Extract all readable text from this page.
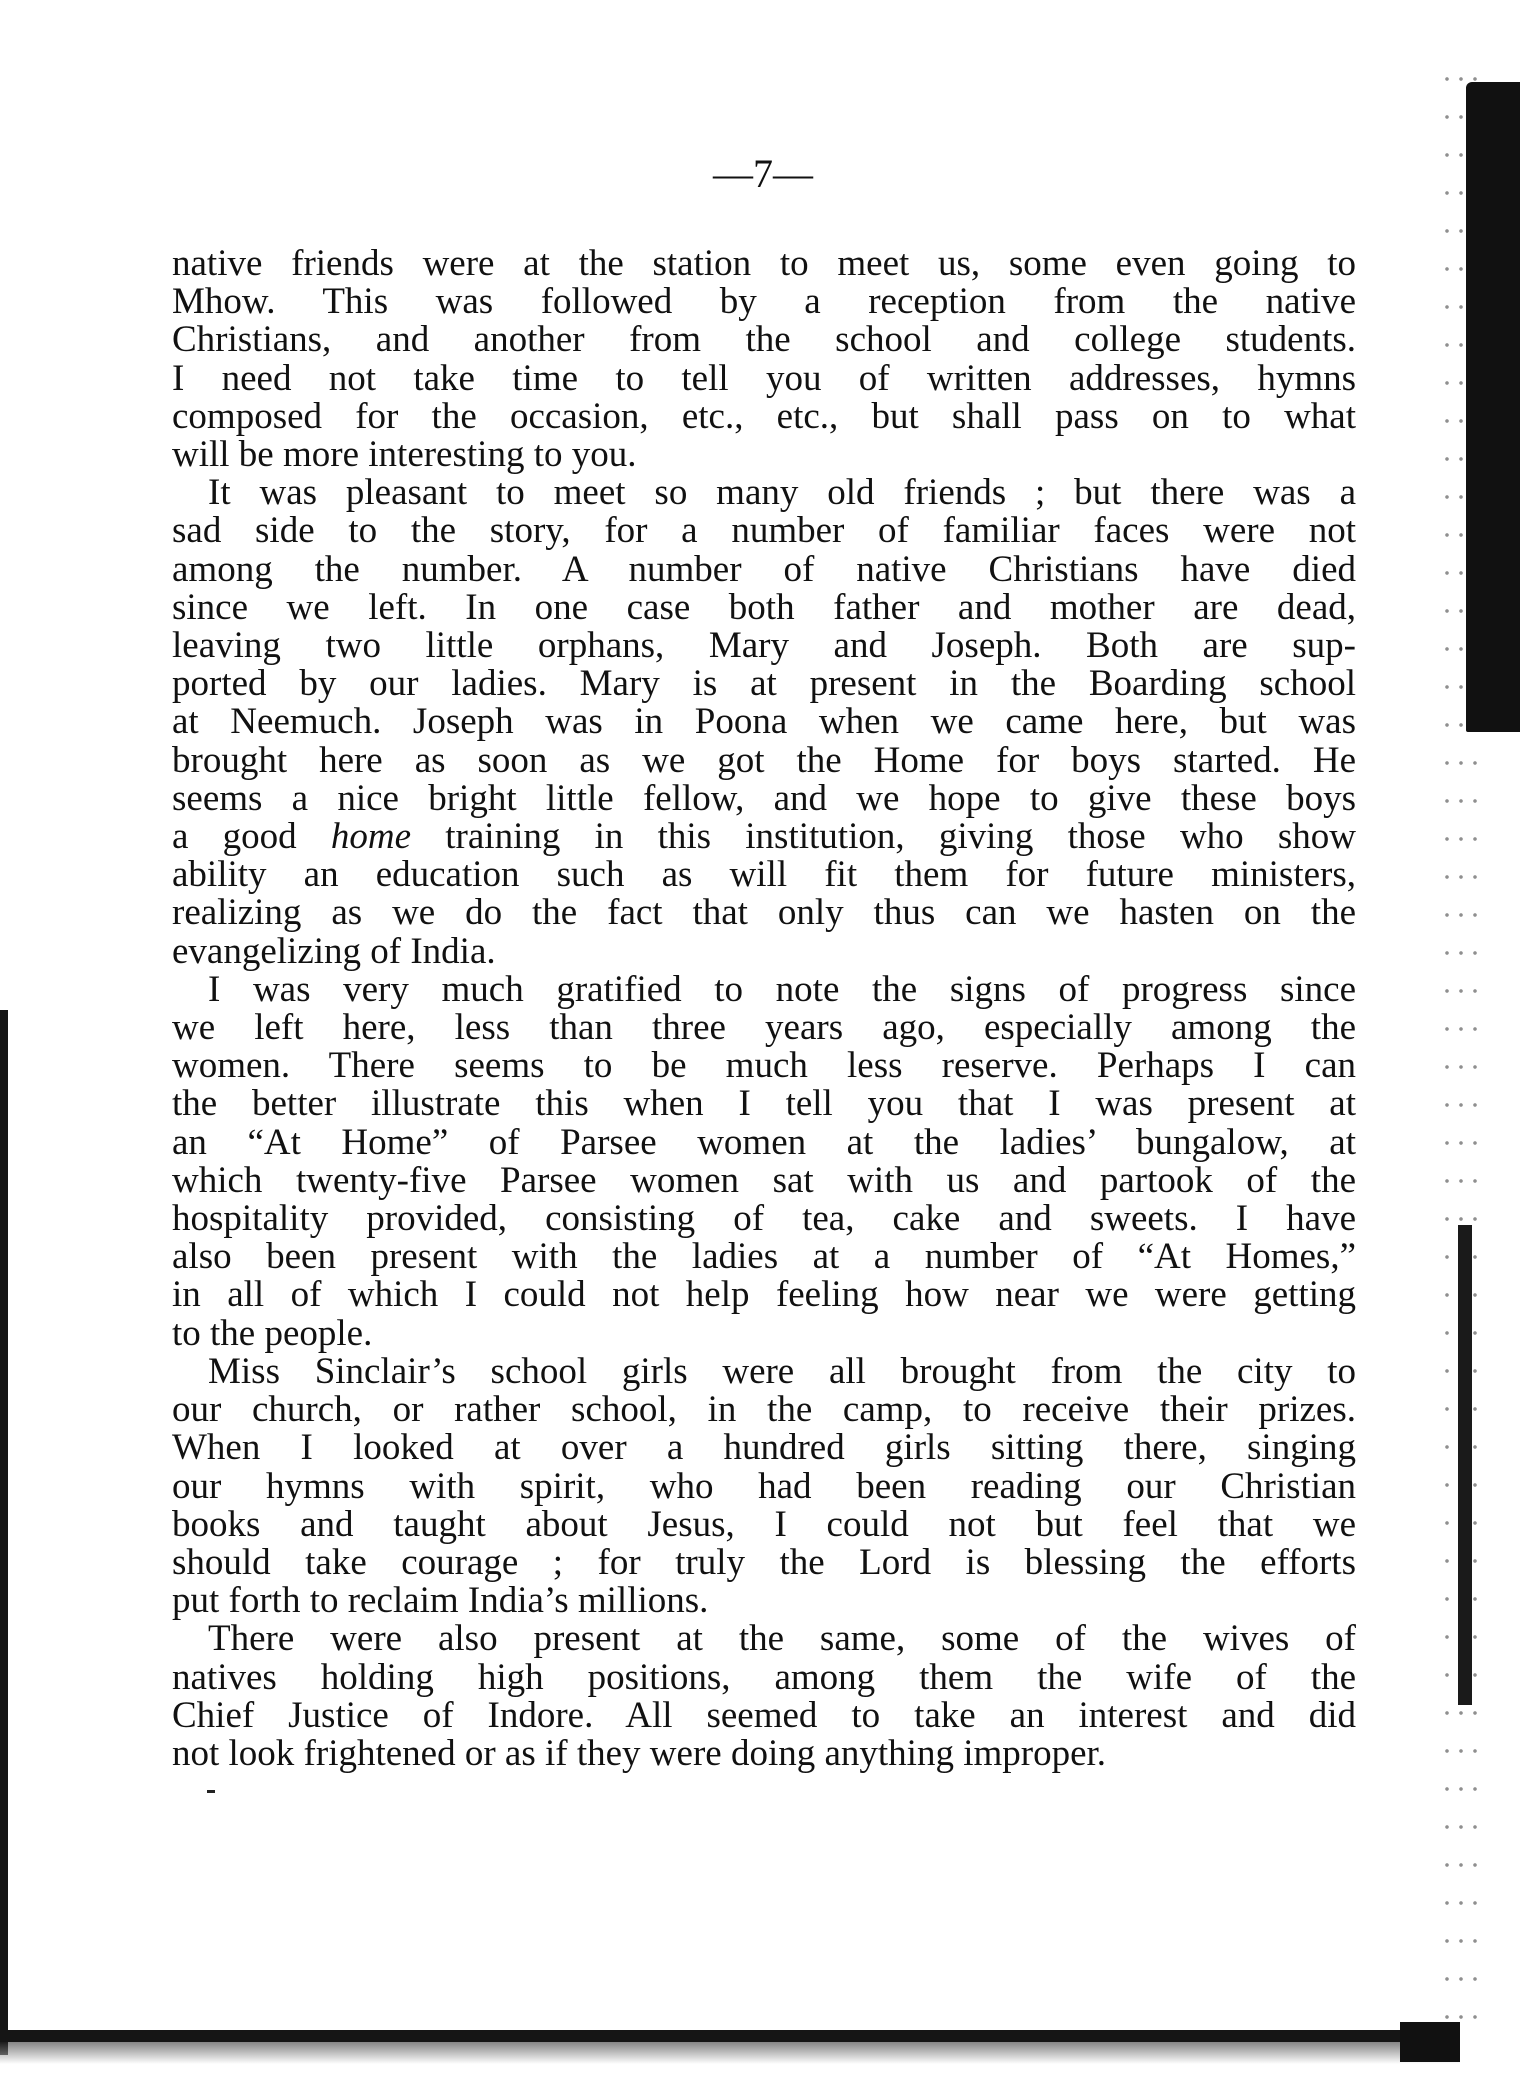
—7—
native friends were at the station to meet us, some even going to
Mhow. This was followed by a reception from the native
Christians, and another from the school and college students.
I need not take time to tell you of written addresses, hymns
composed for the occasion, etc., etc., but shall pass on to what
will be more interesting to you.
It was pleasant to meet so many old friends ; but there was a
sad side to the story, for a number of familiar faces were not
among the number. A number of native Christians have died
since we left. In one case both father and mother are dead,
leaving two little orphans, Mary and Joseph. Both are sup-
ported by our ladies. Mary is at present in the Boarding school
at Neemuch. Joseph was in Poona when we came here, but was
brought here as soon as we got the Home for boys started. He
seems a nice bright little fellow, and we hope to give these boys
a good home training in this institution, giving those who show
ability an education such as will fit them for future ministers,
realizing as we do the fact that only thus can we hasten on the
evangelizing of India.
I was very much gratified to note the signs of progress since
we left here, less than three years ago, especially among the
women. There seems to be much less reserve. Perhaps I can
the better illustrate this when I tell you that I was present at
an “At Home” of Parsee women at the ladies’ bungalow, at
which twenty-five Parsee women sat with us and partook of the
hospitality provided, consisting of tea, cake and sweets. I have
also been present with the ladies at a number of “At Homes,”
in all of which I could not help feeling how near we were getting
to the people.
Miss Sinclair’s school girls were all brought from the city to
our church, or rather school, in the camp, to receive their prizes.
When I looked at over a hundred girls sitting there, singing
our hymns with spirit, who had been reading our Christian
books and taught about Jesus, I could not but feel that we
should take courage ; for truly the Lord is blessing the efforts
put forth to reclaim India’s millions.
There were also present at the same, some of the wives of
natives holding high positions, among them the wife of the
Chief Justice of Indore. All seemed to take an interest and did
not look frightened or as if they were doing anything improper.
